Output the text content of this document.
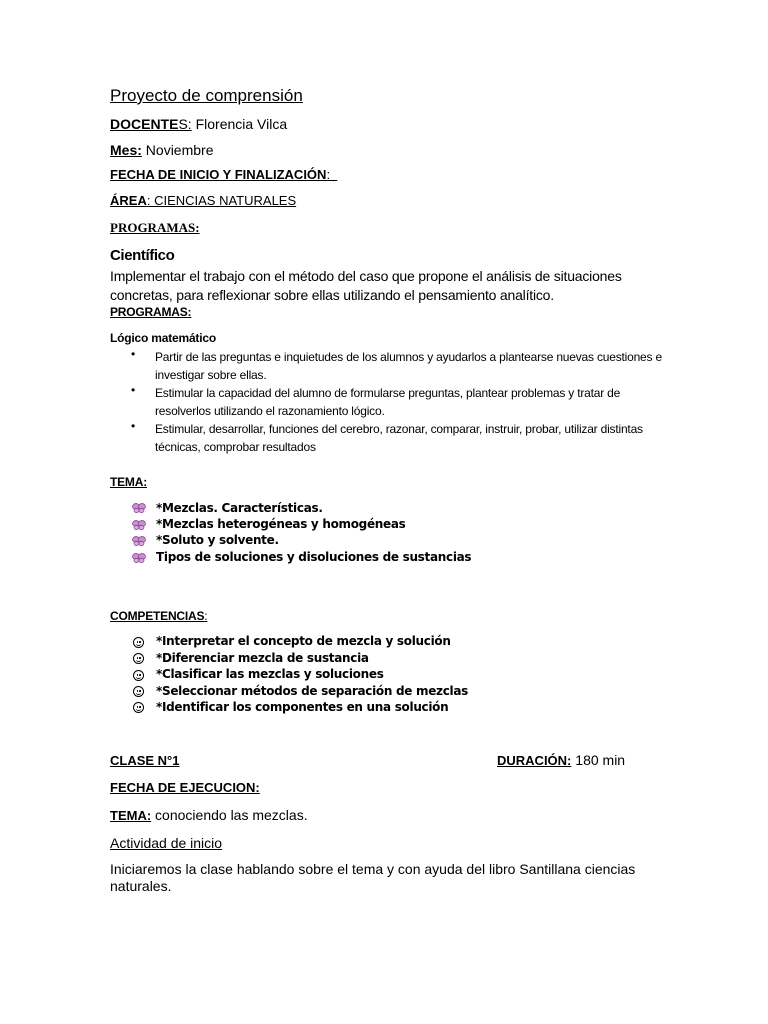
Proyecto de comprensión
DOCENTES: Florencia Vilca
Mes: Noviembre
FECHA DE INICIO Y FINALIZACIÓN:
ÁREA: CIENCIAS NATURALES
PROGRAMAS:
Científico
Implementar el trabajo con el método del caso que propone el análisis de situaciones concretas, para reflexionar sobre ellas utilizando el pensamiento analítico.
PROGRAMAS:
Lógico matemático
• Partir de las preguntas e inquietudes de los alumnos y ayudarlos a plantearse nuevas cuestiones e investigar sobre ellas.
• Estimular la capacidad del alumno de formularse preguntas, plantear problemas y tratar de resolverlos utilizando el razonamiento lógico.
• Estimular, desarrollar, funciones del cerebro, razonar, comparar, instruir, probar, utilizar distintas técnicas, comprobar resultados
TEMA:
*Mezclas. Características.
*Mezclas heterogéneas y homogéneas
*Soluto y solvente.
Tipos de soluciones y disoluciones de sustancias
COMPETENCIAS:
*Interpretar el concepto de mezcla y solución
*Diferenciar mezcla de sustancia
*Clasificar las mezclas y soluciones
*Seleccionar métodos de separación de mezclas
*Identificar los componentes en una solución
CLASE N°1	DURACIÓN: 180 min
FECHA DE EJECUCION:
TEMA: conociendo las mezclas.
Actividad de inicio
Iniciaremos la clase hablando sobre el tema y con ayuda del libro Santillana ciencias naturales.
